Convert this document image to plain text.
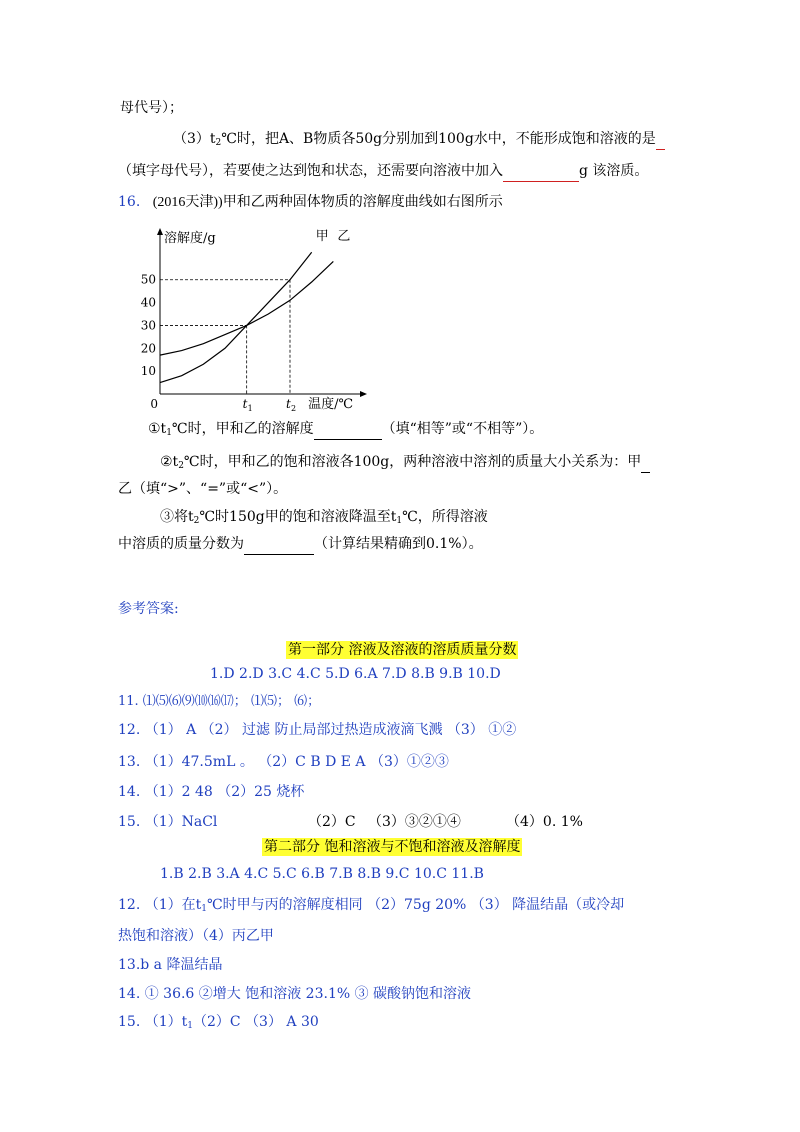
母代号）；
$(3)t_2℃$时，把A、B物质各50g分别加到100g水中，不能形成饱和溶液的是
（填字母代号），若要使之达到饱和状态，还需要向溶液中加入	g 该溶质。
16. (2016天津))甲和乙两种固体物质的溶解度曲线如右图所示
10
20
30
40
50
0
溶解度/g
温度/℃
甲 乙
t 1	t 2
$①t_1℃$时，甲和乙的溶解度	（填“相等”或“不相等”）。
$②t_2℃$时，甲和乙的饱和溶液各100g，两种溶液中溶剂的质量大小关系为：甲
乙（填“>”、“=”或“<”）。
③将$t_2℃$时150g甲的饱和溶液降温至$t_1℃$，所得溶液
中溶质的质量分数为	（计算结果精确到0.1%）。
参考答案:
第一部分 溶液及溶液的溶质质量分数
1.D 2.D 3.C 4.C 5.D 6.A 7.D 8.B 9.B 10.D
11. ⑴⑸⑹⑼⑽⒃⒄； ⑴⑸； ⑹；
12. （1） A （2） 过滤 防止局部过热造成液滴飞溅 （3） ①②
13. （1）47.5mL 。 （2）C B D E A （3）①②③
14. （1）2 48 （2）25 烧杯
15. （1）NaCl	（2）C （3）③②①④	（4）0. 1%
第二部分 饱和溶液与不饱和溶液及溶解度
1.B 2.B 3.A 4.C 5.C 6.B 7.B 8.B 9.C 10.C 11.B
12. （1）在$t_1℃$时甲与丙的溶解度相同 （2）75g 20% （3） 降温结晶（或冷却
热饱和溶液）（4）丙乙甲
13.b a 降温结晶
14. ① 36.6 ②增大 饱和溶液 23.1% ③ 碳酸钠饱和溶液
15. $(1)t_1(2)C$ （3） A 30
